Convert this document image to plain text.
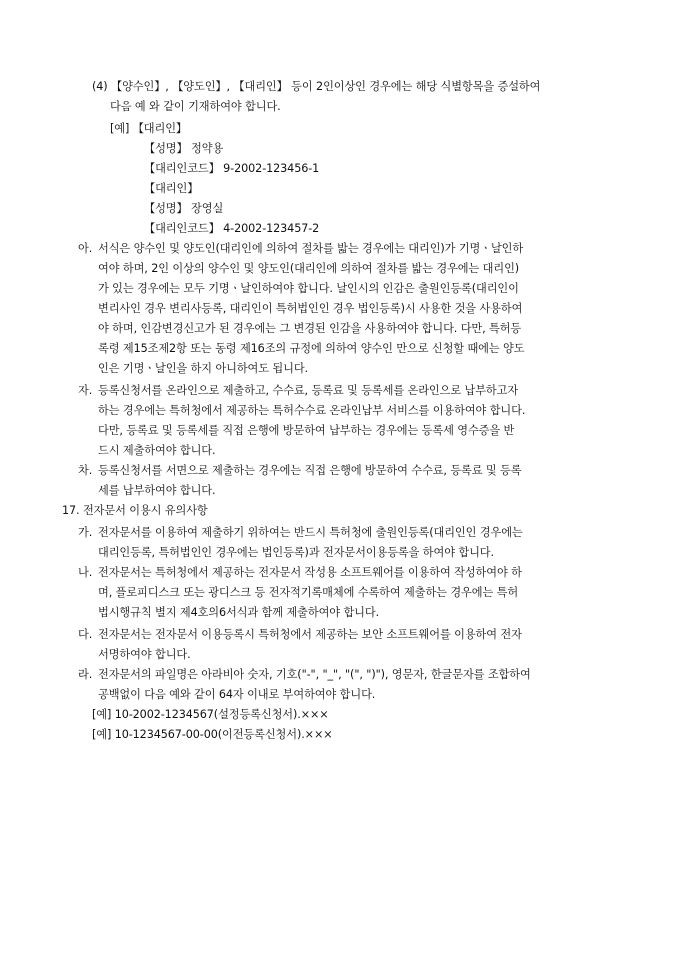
(4) 【양수인】, 【양도인】, 【대리인】 등이 2인이상인 경우에는 해당 식별항목을 증설하여
다음 예 와 같이 기재하여야 합니다.
[예] 【대리인】
【성명】 정약용
【대리인코드】 9-2002-123456-1
【대리인】
【성명】 장영실
【대리인코드】 4-2002-123457-2
아. 서식은 양수인 및 양도인(대리인에 의하여 절차를 밟는 경우에는 대리인)가 기명ㆍ날인하
여야 하며, 2인 이상의 양수인 및 양도인(대리인에 의하여 절차를 밟는 경우에는 대리인)
가 있는 경우에는 모두 기명ㆍ날인하여야 합니다. 날인시의 인감은 출원인등록(대리인이
변리사인 경우 변리사등록, 대리인이 특허법인인 경우 법인등록)시 사용한 것을 사용하여
야 하며, 인감변경신고가 된 경우에는 그 변경된 인감을 사용하여야 합니다. 다만, 특허등
록령 제15조제2항 또는 동령 제16조의 규정에 의하여 양수인 만으로 신청할 때에는 양도
인은 기명ㆍ날인을 하지 아니하여도 됩니다.
자. 등록신청서를 온라인으로 제출하고, 수수료, 등록료 및 등록세를 온라인으로 납부하고자
하는 경우에는 특허청에서 제공하는 특허수수료 온라인납부 서비스를 이용하여야 합니다.
다만, 등록료 및 등록세를 직접 은행에 방문하여 납부하는 경우에는 등록세 영수증을 반
드시 제출하여야 합니다.
차. 등록신청서를 서면으로 제출하는 경우에는 직접 은행에 방문하여 수수료, 등록료 및 등록
세를 납부하여야 합니다.
17. 전자문서 이용시 유의사항
가. 전자문서를 이용하여 제출하기 위하여는 반드시 특허청에 출원인등록(대리인인 경우에는
대리인등록, 특허법인인 경우에는 법인등록)과 전자문서이용등록을 하여야 합니다.
나. 전자문서는 특허청에서 제공하는 전자문서 작성용 소프트웨어를 이용하여 작성하여야 하
며, 플로피디스크 또는 광디스크 등 전자적기록매체에 수록하여 제출하는 경우에는 특허
법시행규칙 별지 제4호의6서식과 함께 제출하여야 합니다.
다. 전자문서는 전자문서 이용등록시 특허청에서 제공하는 보안 소프트웨어를 이용하여 전자
서명하여야 합니다.
라. 전자문서의 파일명은 아라비아 숫자, 기호("-", "_", "(", ")"), 영문자, 한글문자를 조합하여
공백없이 다음 예와 같이 64자 이내로 부여하여야 합니다.
[예] 10-2002-1234567(설정등록신청서).×××
[예] 10-1234567-00-00(이전등록신청서).×××
